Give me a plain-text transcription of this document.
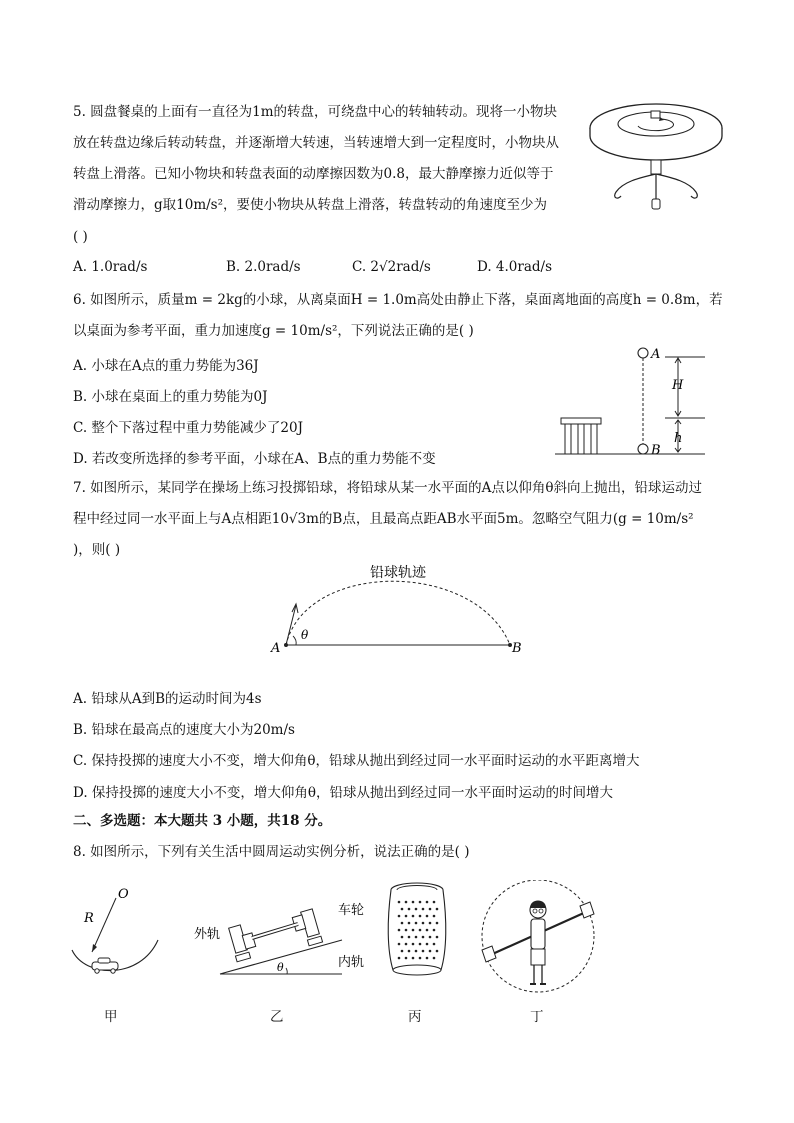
5. 圆盘餐桌的上面有一直径为1m的转盘，可绕盘中心的转轴转动。现将一小物块
放在转盘边缘后转动转盘，并逐渐增大转速，当转速增大到一定程度时，小物块从
转盘上滑落。已知小物块和转盘表面的动摩擦因数为0.8，最大静摩擦力近似等于
滑动摩擦力，g取10m/s²，要使小物块从转盘上滑落，转盘转动的角速度至少为
( )
A. 1.0rad/s	B. 2.0rad/s	C. 2√2rad/s	D. 4.0rad/s
6. 如图所示，质量m = 2kg的小球，从离桌面H = 1.0m高处由静止下落，桌面离地面的高度h = 0.8m，若
以桌面为参考平面，重力加速度g = 10m/s²，下列说法正确的是( )
A. 小球在A点的重力势能为36J
B. 小球在桌面上的重力势能为0J
C. 整个下落过程中重力势能减少了20J
D. 若改变所选择的参考平面，小球在A、B点的重力势能不变
A
B
H
h
7. 如图所示，某同学在操场上练习投掷铅球，将铅球从某一水平面的A点以仰角θ斜向上抛出，铅球运动过
程中经过同一水平面上与A点相距10√3m的B点，且最高点距AB水平面5m。忽略空气阻力(g = 10m/s²
)，则( )
铅球轨迹
θ
A	B
A. 铅球从A到B的运动时间为4s
B. 铅球在最高点的速度大小为20m/s
C. 保持投掷的速度大小不变，增大仰角θ，铅球从抛出到经过同一水平面时运动的水平距离增大
D. 保持投掷的速度大小不变，增大仰角θ，铅球从抛出到经过同一水平面时运动的时间增大
二、多选题：本大题共 3 小题，共18 分。
8. 如图所示，下列有关生活中圆周运动实例分析，说法正确的是( )
O
R
θ
外轨
车轮
内轨
甲	乙	丙	丁
